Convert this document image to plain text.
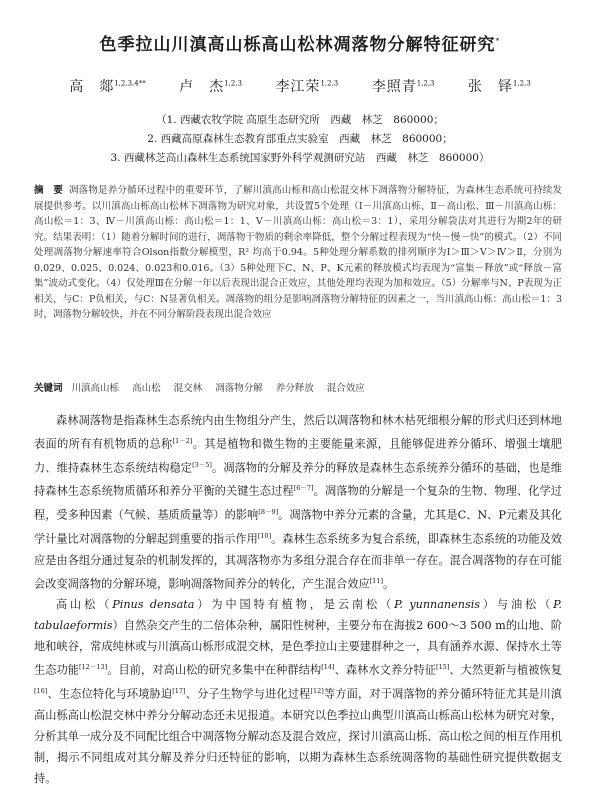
色季拉山川滇高山栎高山松林凋落物分解特征研究*
高　郯$^{1,2,3,4**}$ 卢　杰$^{1,2,3}$ 李江荣$^{1,2,3}$ 李照青$^{1,2,3}$ 张　铎$^{1,2,3}$
（1. 西藏农牧学院 高原生态研究所　西藏　林芝　860000；
2. 西藏高原森林生态教育部重点实验室　西藏　林芝　860000；
3. 西藏林芝高山森林生态系统国家野外科学观测研究站　西藏　林芝　860000）
摘　要 凋落物是养分循环过程中的重要环节，了解川滇高山栎和高山松混交林下凋落物分解特征，为森林生态系统可持续发展提供参考。以川滇高山栎高山松林下凋落物为研究对象，共设置5个处理（Ⅰ－川滇高山栎、Ⅱ－高山松、Ⅲ－川滇高山栎：高山松＝1：3、Ⅳ－川滇高山栎：高山松＝1：1、Ⅴ－川滇高山栎：高山松＝3：1），采用分解袋法对其进行为期2年的研究。结果表明：（1）随着分解时间的进行，凋落物干物质的剩余率降低，整个分解过程表现为“快－慢－快”的模式。（2）不同处理凋落物分解速率符合Olson指数分解模型，R² 均高于0.94。5种处理分解系数的排列顺序为Ⅰ＞Ⅲ＞Ⅴ＞Ⅳ＞Ⅱ，分别为0.029、0.025、0.024、0.023和0.016。（3）5种处理下C、N、P、K元素的释放模式均表现为“富集－释放”或“释放－富集”波动式变化。（4）仅处理Ⅲ在分解一年以后表现出混合正效应，其他处理均表现为加和效应。（5）分解率与N、P表现为正相关，与C：P负相关，与C：N显著负相关。凋落物的组分是影响凋落物分解特征的因素之一，当川滇高山栎：高山松＝1：3时，凋落物分解较快，并在不同分解阶段表现出混合效应
关键词 川滇高山栎 高山松 混交林 凋落物分解 养分释放 混合效应

森林凋落物是指森林生态系统内由生物组分产生，然后以凋落物和林木枯死细根分解的形式归还到林地表面的所有有机物质的总称[1－2]。其是植物和微生物的主要能量来源，且能够促进养分循环、增强土壤肥力、维持森林生态系统结构稳定[3－5]。凋落物的分解及养分的释放是森林生态系统养分循环的基础，也是维持森林生态系统物质循环和养分平衡的关键生态过程[6－7]。凋落物的分解是一个复杂的生物、物理、化学过程，受多种因素（气候、基质质量等）的影响[8－9]。凋落物中养分元素的含量，尤其是C、N、P元素及其化学计量比对凋落物的分解起到重要的指示作用[10]。森林生态系统多为复合系统，即森林生态系统的功能及效应是由各组分通过复杂的机制发挥的，其凋落物亦为多组分混合存在而非单一存在。混合凋落物的存在可能会改变凋落物的分解环境，影响凋落物间养分的转化，产生混合效应[11]。

高山松（Pinus densata）为中国特有植物，是云南松（P. yunnanensis）与油松（P. tabulaeformis）自然杂交产生的二倍体杂种，属阳性树种，主要分布在海拔2 600～3 500 m的山地、阶地和峡谷，常成纯林或与川滇高山栎形成混交林，是色季拉山主要建群种之一，具有涵养水源、保持水土等生态功能[12－13]。目前，对高山松的研究多集中在种群结构[14]、森林水文养分特征[15]、大然更新与植被恢复[16]、生态位特化与环境胁迫[17]、分子生物学与进化过程[12]等方面，对于凋落物的养分循环特征尤其是川滇高山栎高山松混交林中养分分解动态还未见报道。本研究以色季拉山典型川滇高山栎高山松林为研究对象，分析其单一成分及不同配比组合中凋落物分解动态及混合效应，探讨川滇高山栎、高山松之间的相互作用机制，揭示不同组成对其分解及养分归还特征的影响，以期为森林生态系统凋落物的基础性研究提供数据支持。
